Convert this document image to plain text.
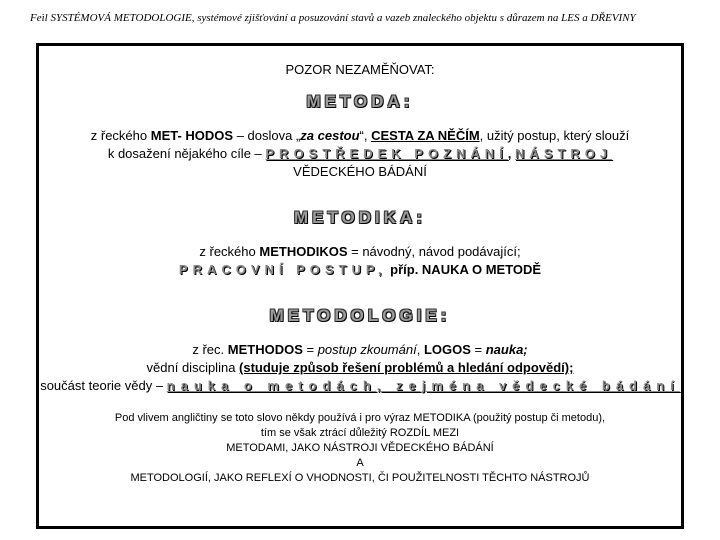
Feìl SYSTÉMOVÁ METODOLOGIE, systémové zjišťování a posuzování stavů a vazeb znaleckého objektu s důrazem na LES a DŘEVINY
POZOR NEZAMĚŇOVAT:
METODA:
z řeckého MET- HODOS – doslova „za cestou“, CESTA ZA NĚČÍM, užitý postup, který slouží
k dosažení nějakého cíle – PROSTŘEDEK POZNÁNÍ, NÁSTROJ
VĚDECKÉHO BÁDÁNÍ
METODIKA:
z řeckého METHODIKOS = návodný, návod podávající;
PRACOVNÍ POSTUP, příp. NAUKA O METODĚ
METODOLOGIE:
z řec. METHODOS = postup zkoumání, LOGOS = nauka;
vědní disciplina (studuje způsob řešení problémů a hledání odpovědí);
součást teorie vědy – nauka o metodách, zejména vědecké bádání
Pod vlivem angličtiny se toto slovo někdy používá i pro výraz METODIKA (použitý postup či metodu),
tím se však ztrácí důležitý ROZDÍL MEZI
METODAMI, JAKO NÁSTROJI VĚDECKÉHO BÁDÁNÍ
A
METODOLOGIÍ, JAKO REFLEXÍ O VHODNOSTI, ČI POUŽITELNOSTI TĚCHTO NÁSTROJŮ
